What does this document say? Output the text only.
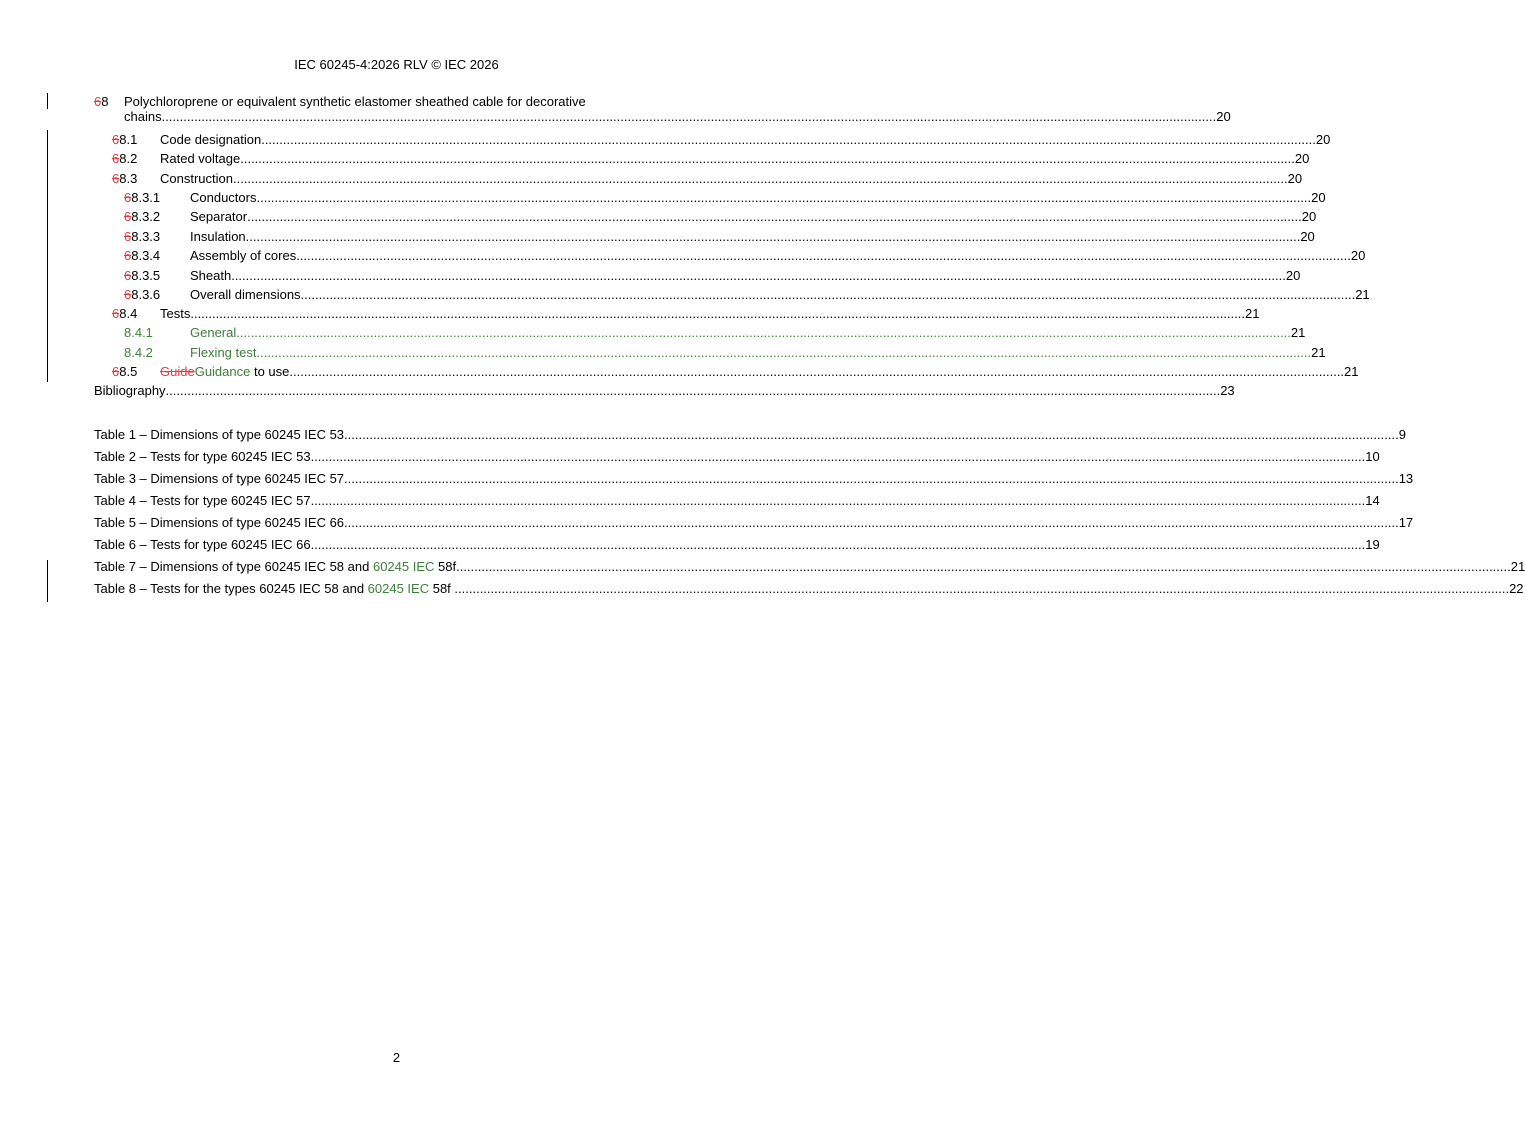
IEC 60245-4:2026 RLV © IEC 2026
68 Polychloroprene or equivalent synthetic elastomer sheathed cable for decorative
chains .................................................................................................................................................................................................................................................................................................... 20
68.1 Code designation .................................................................................................................................................................................................................................................................................................... 20
68.2 Rated voltage .................................................................................................................................................................................................................................................................................................... 20
68.3 Construction .................................................................................................................................................................................................................................................................................................... 20
68.3.1 Conductors .................................................................................................................................................................................................................................................................................................... 20
68.3.2 Separator .................................................................................................................................................................................................................................................................................................... 20
68.3.3 Insulation .................................................................................................................................................................................................................................................................................................... 20
68.3.4 Assembly of cores .................................................................................................................................................................................................................................................................................................... 20
68.3.5 Sheath .................................................................................................................................................................................................................................................................................................... 20
68.3.6 Overall dimensions .................................................................................................................................................................................................................................................................................................... 21
68.4 Tests .................................................................................................................................................................................................................................................................................................... 21
8.4.1	General .................................................................................................................................................................................................................................................................................................... 21
8.4.2	Flexing test .................................................................................................................................................................................................................................................................................................... 21
68.5 GuideGuidance to use .................................................................................................................................................................................................................................................................................................... 21
Bibliography .................................................................................................................................................................................................................................................................................................... 23
Table 1 – Dimensions of type 60245 IEC 53 .................................................................................................................................................................................................................................................................................................... 9
Table 2 – Tests for type 60245 IEC 53 .................................................................................................................................................................................................................................................................................................... 10
Table 3 – Dimensions of type 60245 IEC 57 .................................................................................................................................................................................................................................................................................................... 13
Table 4 – Tests for type 60245 IEC 57 .................................................................................................................................................................................................................................................................................................... 14
Table 5 – Dimensions of type 60245 IEC 66 .................................................................................................................................................................................................................................................................................................... 17
Table 6 – Tests for type 60245 IEC 66 .................................................................................................................................................................................................................................................................................................... 19
Table 7 – Dimensions of type 60245 IEC 58 and 60245 IEC 58f .................................................................................................................................................................................................................................................................................................... 21
Table 8 – Tests for the types 60245 IEC 58 and 60245 IEC 58f .................................................................................................................................................................................................................................................................................................... 22
2
